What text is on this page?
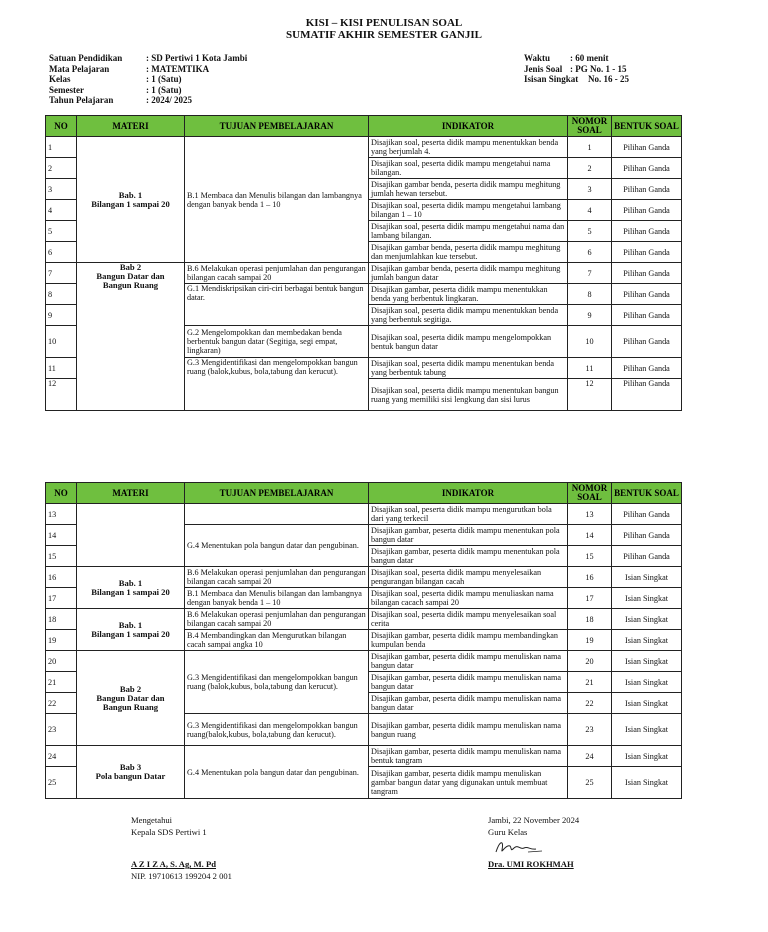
KISI – KISI PENULISAN SOAL
SUMATIF AKHIR SEMESTER GANJIL
Satuan Pendidikan	: SD Pertiwi 1 Kota Jambi
Mata Pelajaran	: MATEMTIKA
Kelas	: 1 (Satu)
Semester	: 1 (Satu)
Tahun Pelajaran	: 2024/ 2025
Waktu	: 60 menit
Jenis Soal : PG No. 1 - 15
Isisan Singkat	No. 16 - 25
NO	MATERI	TUJUAN PEMBELAJARAN	INDIKATOR	NOMOR SOAL	BENTUK SOAL
1	Bab. 1
Bilangan 1 sampai 20	B.1 Membaca dan Menulis bilangan dan lambangnya dengan banyak benda 1 – 10	Disajikan soal, peserta didik mampu menentukkan benda yang berjumlah 4.	1	Pilihan Ganda
2			Disajikan soal, peserta didik mampu mengetahui nama bilangan.	2	Pilihan Ganda
3			Disajikan gambar benda, peserta didik mampu meghitung jumlah hewan tersebut.	3	Pilihan Ganda
4			Disajikan soal, peserta didik mampu mengetahui lambang bilangan 1 – 10	4	Pilihan Ganda
5			Disajikan soal, peserta didik mampu mengetahui nama dan lambang bilangan.	5	Pilihan Ganda
6			Disajikan gambar benda, peserta didik mampu meghitung dan menjumlahkan kue tersebut.	6	Pilihan Ganda
7	Bab 2
Bangun Datar dan
Bangun Ruang	B.6 Melakukan operasi penjumlahan dan pengurangan bilangan cacah sampai 20	Disajikan gambar benda, peserta didik mampu meghitung jumlah bangun datar	7	Pilihan Ganda
8		G.1 Mendiskripsikan ciri-ciri berbagai bentuk bangun datar.	Disajikan gambar, peserta didik mampu menentukkan benda yang berbentuk lingkaran.	8	Pilihan Ganda
9			Disajikan soal, peserta didik mampu menentukkan benda yang berbentuk segitiga.	9	Pilihan Ganda
10		G.2 Mengelompokkan dan membedakan benda berbentuk bangun datar (Segitiga, segi empat, lingkaran)	Disajikan soal, peserta didik mampu mengelompokkan bentuk bangun datar	10	Pilihan Ganda
11		G.3 Mengidentifikasi dan mengelompokkan bangun ruang (balok,kubus, bola,tabung dan kerucut).	Disajikan soal, peserta didik mampu menentukan benda yang berbentuk tabung	11	Pilihan Ganda
12			Disajikan soal, peserta didik mampu menentukan bangun ruang yang memiliki sisi lengkung dan sisi lurus	12	Pilihan Ganda
NO	MATERI	TUJUAN PEMBELAJARAN	INDIKATOR	NOMOR SOAL	BENTUK SOAL
13			Disajikan soal, peserta didik mampu mengurutkan bola dari yang terkecil	13	Pilihan Ganda
14		G.4 Menentukan pola bangun datar dan pengubinan.	Disajikan gambar, peserta didik mampu menentukan pola bangun datar	14	Pilihan Ganda
15			Disajikan gambar, peserta didik mampu menentukan pola bangun datar	15	Pilihan Ganda
16	Bab. 1
Bilangan 1 sampai 20	B.6 Melakukan operasi penjumlahan dan pengurangan bilangan cacah sampai 20	Disajikan soal, peserta didik mampu menyelesaikan pengurangan bilangan cacah	16	Isian Singkat
17		B.1 Membaca dan Menulis bilangan dan lambangnya dengan banyak benda 1 – 10	Disajikan soal, peserta didik mampu menuliaskan nama bilangan cacach sampai 20	17	Isian Singkat
18	Bab. 1
Bilangan 1 sampai 20	B.6 Melakukan operasi penjumlahan dan pengurangan bilangan cacah sampai 20	Disajikan soal, peserta didik mampu menyelesaikan soal cerita	18	Isian Singkat
19		B.4 Membandingkan dan Mengurutkan bilangan cacah sampai angka 10	Disajikan gambar, peserta didik mampu membandingkan kumpulan benda	19	Isian Singkat
20	Bab 2
Bangun Datar dan
Bangun Ruang	G.3 Mengidentifikasi dan mengelompokkan bangun ruang (balok,kubus, bola,tabung dan kerucut).	Disajikan gambar, peserta didik mampu menuliskan nama bangun datar	20	Isian Singkat
21			Disajikan gambar, peserta didik mampu menuliskan nama bangun datar	21	Isian Singkat
22			Disajikan gambar, peserta didik mampu menuliskan nama bangun datar	22	Isian Singkat
23		G.3 Mengidentifikasi dan mengelompokkan bangun ruang(balok,kubus, bola,tabung dan kerucut).	Disajikan gambar, peserta didik mampu menuliskan nama bangun ruang	23	Isian Singkat
24	Bab 3
Pola bangun Datar	G.4 Menentukan pola bangun datar dan pengubinan.	Disajikan gambar, peserta didik mampu menuliskan nama bentuk tangram	24	Isian Singkat
25			Disajikan gambar, peserta didik mampu menuliskan gambar bangun datar yang digunakan untuk membuat tangram	25	Isian Singkat
Mengetahui
Kepala SDS Pertiwi 1
A Z I Z A, S. Ag, M. Pd
NIP. 19710613 199204 2 001
Jambi, 22 November 2024
Guru Kelas
Dra. UMI ROKHMAH
